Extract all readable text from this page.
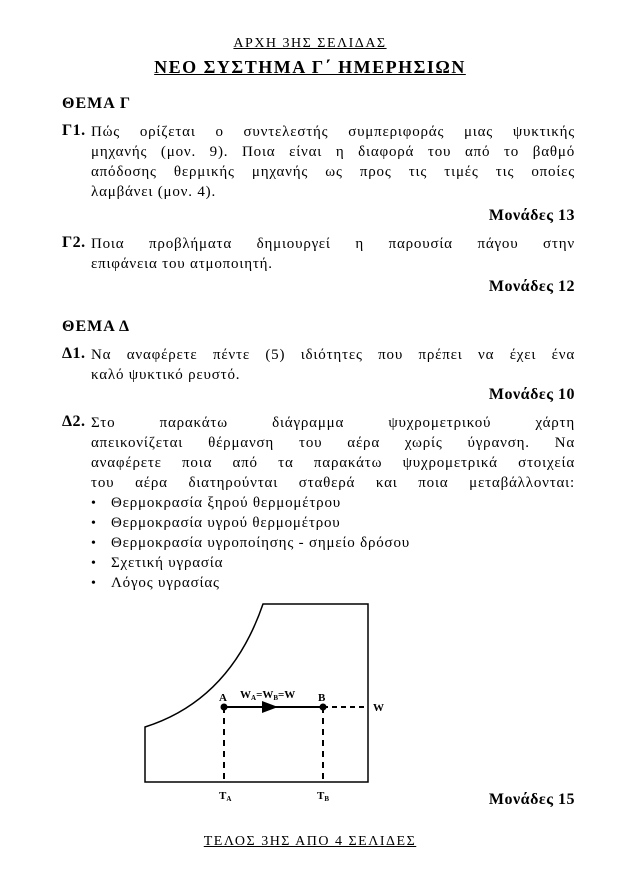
ΑΡΧΗ 3ΗΣ ΣΕΛΙΔΑΣ
ΝΕΟ ΣΥΣΤΗΜΑ Γ΄ ΗΜΕΡΗΣΙΩΝ
ΘΕΜΑ Γ
Γ1. Πώς ορίζεται ο συντελεστής συμπεριφοράς μιας ψυκτικής
μηχανής (μον. 9). Ποια είναι η διαφορά του από το βαθμό
απόδοσης θερμικής μηχανής ως προς τις τιμές τις οποίες
λαμβάνει (μον. 4).
Μονάδες 13
Γ2. Ποια προβλήματα δημιουργεί η παρουσία πάγου στην
επιφάνεια του ατμοποιητή.
Μονάδες 12
ΘΕΜΑ Δ
Δ1. Να αναφέρετε πέντε (5) ιδιότητες που πρέπει να έχει ένα
καλό ψυκτικό ρευστό.
Μονάδες 10
Δ2. Στο παρακάτω διάγραμμα ψυχρομετρικού χάρτη
απεικονίζεται θέρμανση του αέρα χωρίς ύγρανση. Να
αναφέρετε ποια από τα παρακάτω ψυχρομετρικά στοιχεία
του αέρα διατηρούνται σταθερά και ποια μεταβάλλονται:
• Θερμοκρασία ξηρού θερμομέτρου
• Θερμοκρασία υγρού θερμομέτρου
• Θερμοκρασία υγροποίησης - σημείο δρόσου
• Σχετική υγρασία
• Λόγος υγρασίας
A	B
WA=WB=W
W
TA	TB	Μονάδες 15
ΤΕΛΟΣ 3ΗΣ ΑΠΟ 4 ΣΕΛΙΔΕΣ
